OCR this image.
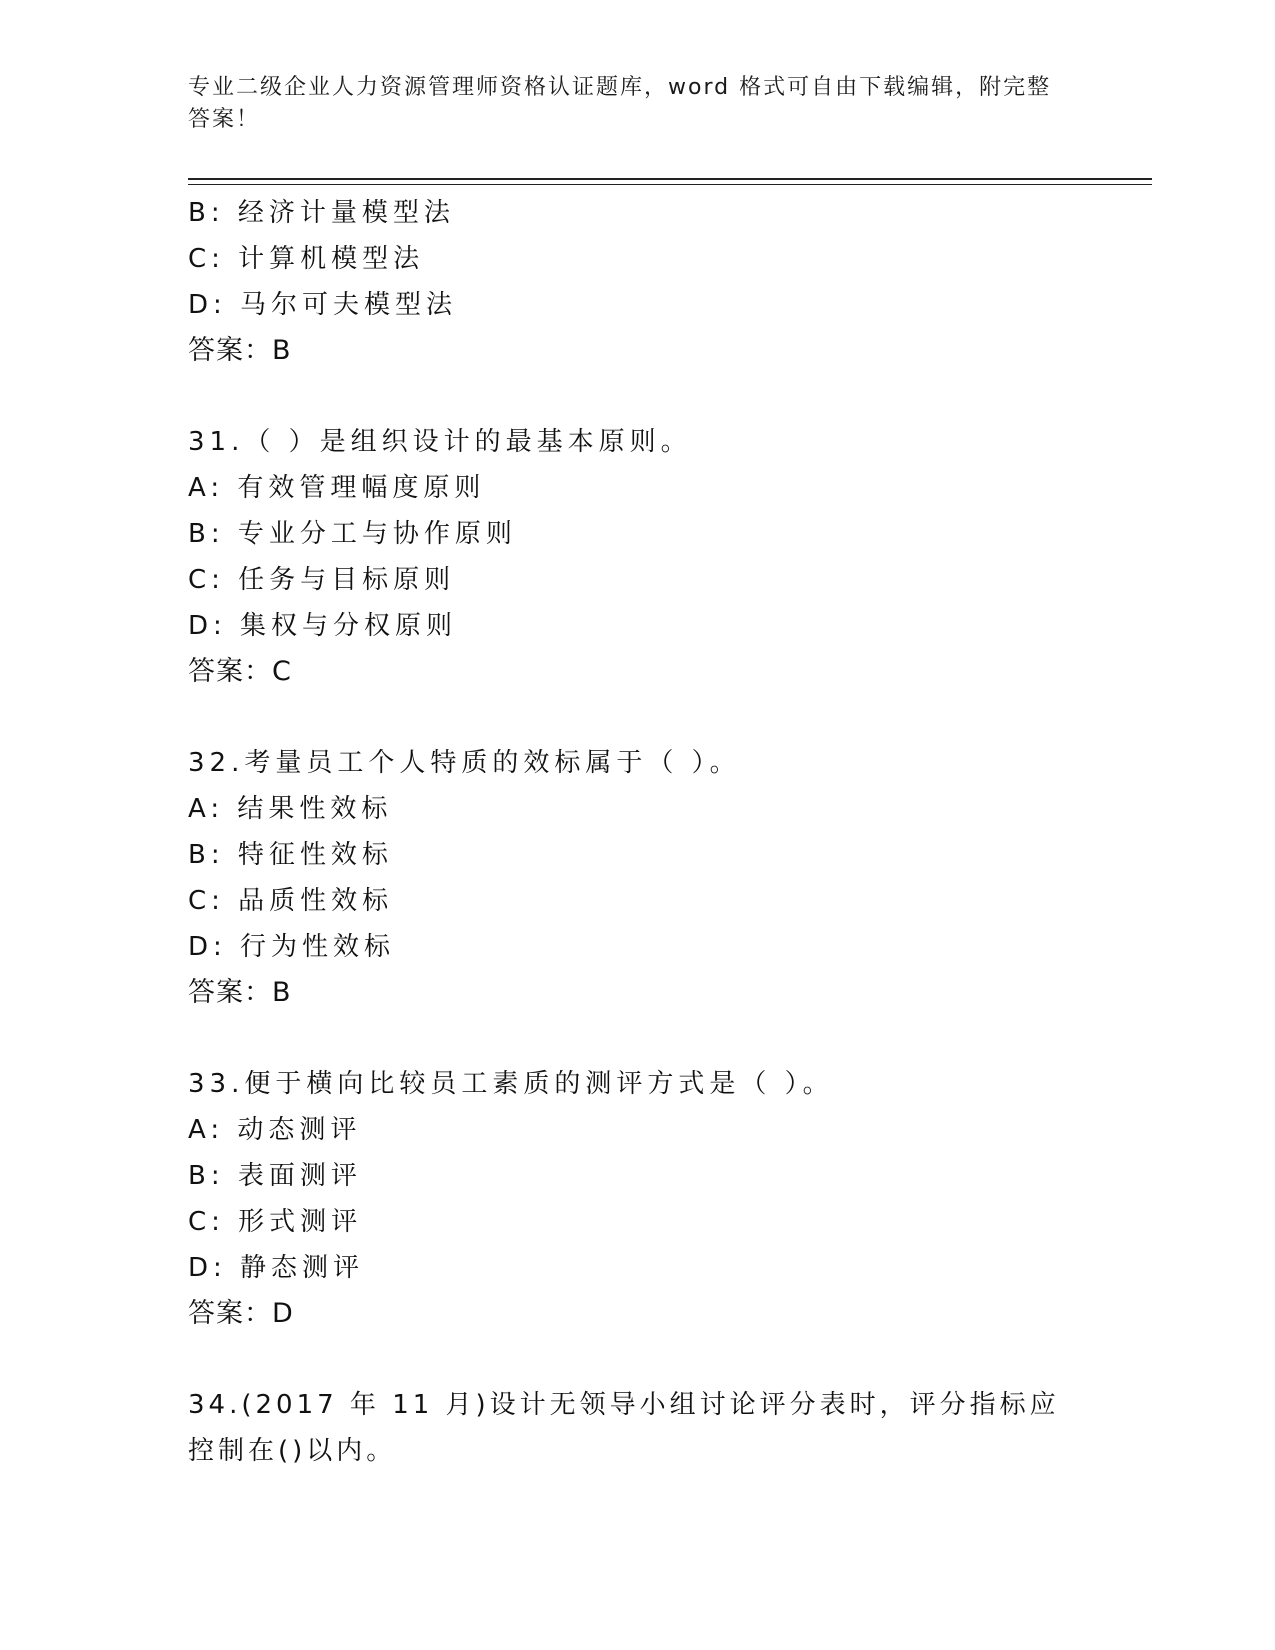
专业二级企业人力资源管理师资格认证题库，word 格式可自由下载编辑，附完整答案！
B: 经济计量模型法
C: 计算机模型法
D: 马尔可夫模型法
答案：B
31.（ ）是组织设计的最基本原则。
A: 有效管理幅度原则
B: 专业分工与协作原则
C: 任务与目标原则
D: 集权与分权原则
答案：C
32.考量员工个人特质的效标属于（ ）。
A: 结果性效标
B: 特征性效标
C: 品质性效标
D: 行为性效标
答案：B
33.便于横向比较员工素质的测评方式是（ ）。
A: 动态测评
B: 表面测评
C: 形式测评
D: 静态测评
答案：D
34.(2017 年 11 月)设计无领导小组讨论评分表时，评分指标应控制在()以内。
